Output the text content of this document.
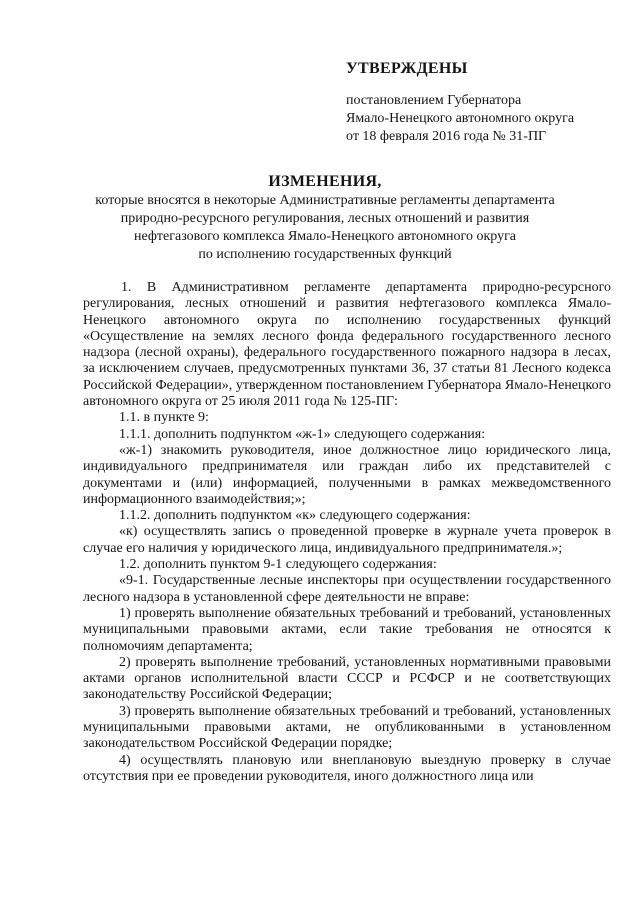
УТВЕРЖДЕНЫ
постановлением Губернатора
Ямало-Ненецкого автономного округа
от 18 февраля 2016 года № 31-ПГ
ИЗМЕНЕНИЯ,
которые вносятся в некоторые Административные регламенты департамента
природно-ресурсного регулирования, лесных отношений и развития
нефтегазового комплекса Ямало-Ненецкого автономного округа
по исполнению государственных функций

1. В Административном регламенте департамента природно-ресурсного регулирования, лесных отношений и развития нефтегазового комплекса Ямало-Ненецкого автономного округа по исполнению государственных функций «Осуществление на землях лесного фонда федерального государственного лесного надзора (лесной охраны), федерального государственного пожарного надзора в лесах, за исключением случаев, предусмотренных пунктами 36, 37 статьи 81 Лесного кодекса Российской Федерации», утвержденном постановлением Губернатора Ямало-Ненецкого автономного округа от 25 июля 2011 года № 125-ПГ:

1.1. в пункте 9:

1.1.1. дополнить подпунктом «ж-1» следующего содержания:

«ж-1) знакомить руководителя, иное должностное лицо юридического лица, индивидуального предпринимателя или граждан либо их представителей с документами и (или) информацией, полученными в рамках межведомственного информационного взаимодействия;»;

1.1.2. дополнить подпунктом «к» следующего содержания:

«к) осуществлять запись о проведенной проверке в журнале учета проверок в случае его наличия у юридического лица, индивидуального предпринимателя.»;

1.2. дополнить пунктом 9-1 следующего содержания:

«9-1. Государственные лесные инспекторы при осуществлении государственного лесного надзора в установленной сфере деятельности не вправе:

1) проверять выполнение обязательных требований и требований, установленных муниципальными правовыми актами, если такие требования не относятся к полномочиям департамента;

2) проверять выполнение требований, установленных нормативными правовыми актами органов исполнительной власти СССР и РСФСР и не соответствующих законодательству Российской Федерации;

3) проверять выполнение обязательных требований и требований, установленных муниципальными правовыми актами, не опубликованными в установленном законодательством Российской Федерации порядке;

4) осуществлять плановую или внеплановую выездную проверку в случае отсутствия при ее проведении руководителя, иного должностного лица или
